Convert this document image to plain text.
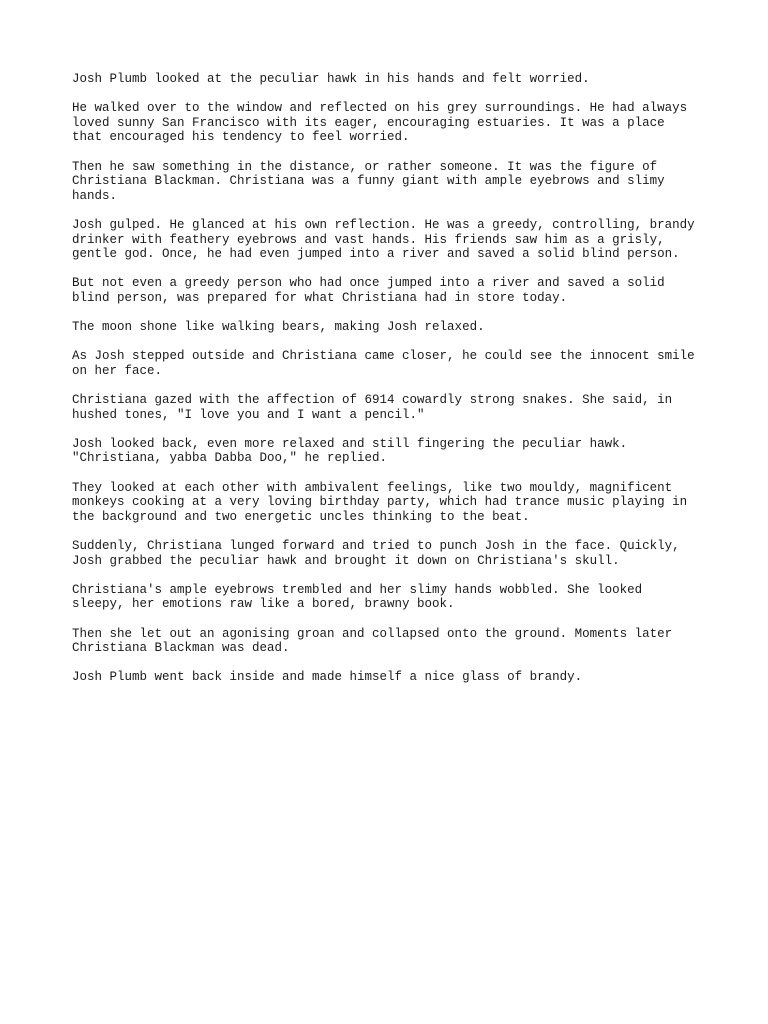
Josh Plumb looked at the peculiar hawk in his hands and felt worried.

He walked over to the window and reflected on his grey surroundings. He had always loved sunny San Francisco with its eager, encouraging estuaries. It was a place that encouraged his tendency to feel worried.

Then he saw something in the distance, or rather someone. It was the figure of Christiana Blackman. Christiana was a funny giant with ample eyebrows and slimy hands.

Josh gulped. He glanced at his own reflection. He was a greedy, controlling, brandy drinker with feathery eyebrows and vast hands. His friends saw him as a grisly, gentle god. Once, he had even jumped into a river and saved a solid blind person.

But not even a greedy person who had once jumped into a river and saved a solid blind person, was prepared for what Christiana had in store today.

The moon shone like walking bears, making Josh relaxed.

As Josh stepped outside and Christiana came closer, he could see the innocent smile on her face.

Christiana gazed with the affection of 6914 cowardly strong snakes. She said, in hushed tones, "I love you and I want a pencil."

Josh looked back, even more relaxed and still fingering the peculiar hawk. "Christiana, yabba Dabba Doo," he replied.

They looked at each other with ambivalent feelings, like two mouldy, magnificent monkeys cooking at a very loving birthday party, which had trance music playing in the background and two energetic uncles thinking to the beat.

Suddenly, Christiana lunged forward and tried to punch Josh in the face. Quickly, Josh grabbed the peculiar hawk and brought it down on Christiana's skull.

Christiana's ample eyebrows trembled and her slimy hands wobbled. She looked sleepy, her emotions raw like a bored, brawny book.

Then she let out an agonising groan and collapsed onto the ground. Moments later Christiana Blackman was dead.

Josh Plumb went back inside and made himself a nice glass of brandy.
